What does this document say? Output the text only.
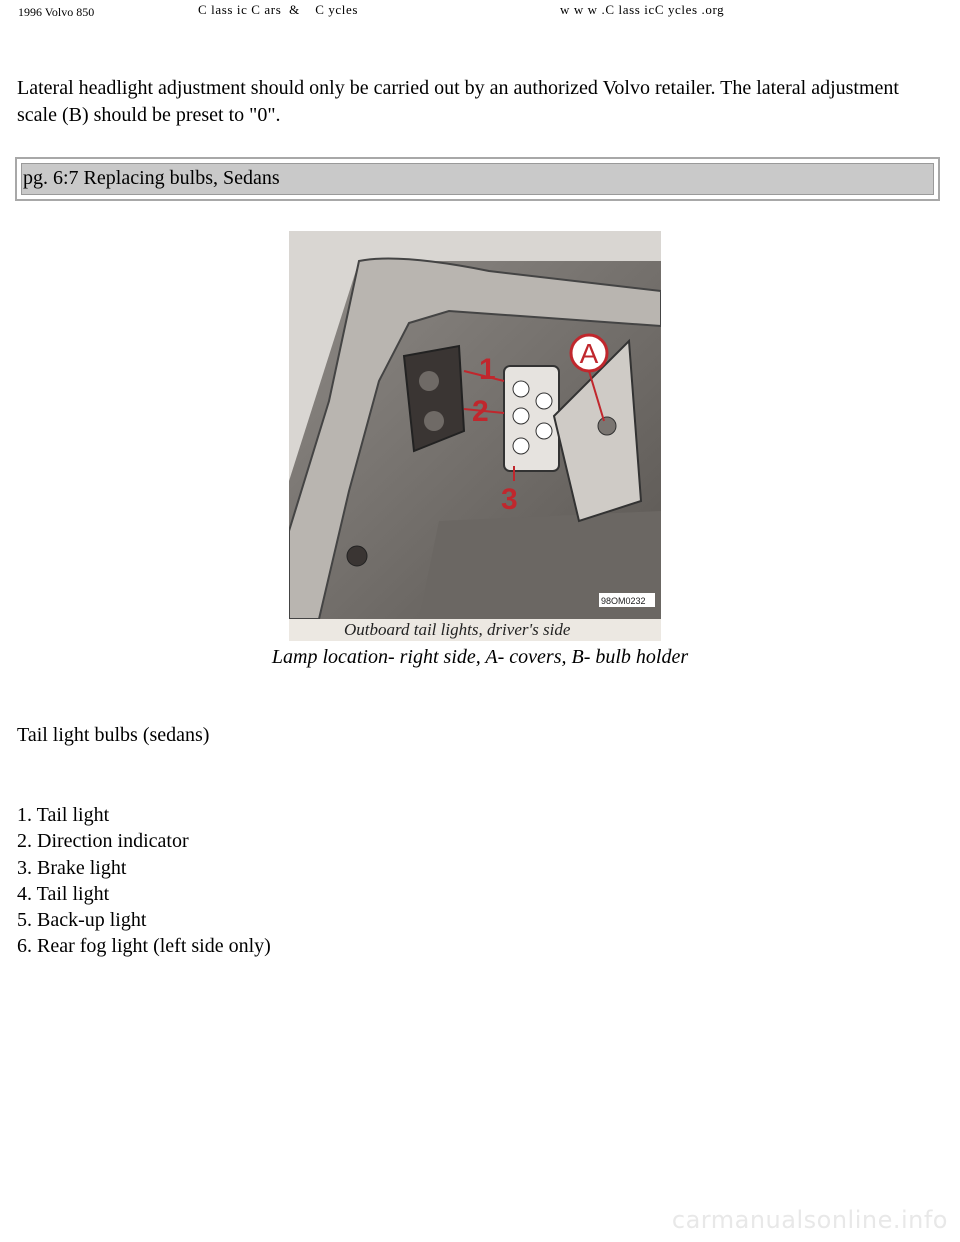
1996 Volvo 850	C lass ic C ars  &    C ycles	w w w .C lass icC ycles .org

Lateral headlight adjustment should only be carried out by an authorized Volvo retailer. The lateral adjustment scale (B) should be preset to "0".

pg. 6:7 Replacing bulbs, Sedans
1
2
3
A
98OM0232
Outboard tail lights, driver's side
Lamp location- right side, A- covers, B- bulb holder
Tail light bulbs (sedans)
1. Tail light
2. Direction indicator
3. Brake light
4. Tail light
5. Back-up light
6. Rear fog light (left side only)
carmanualsonline.info
